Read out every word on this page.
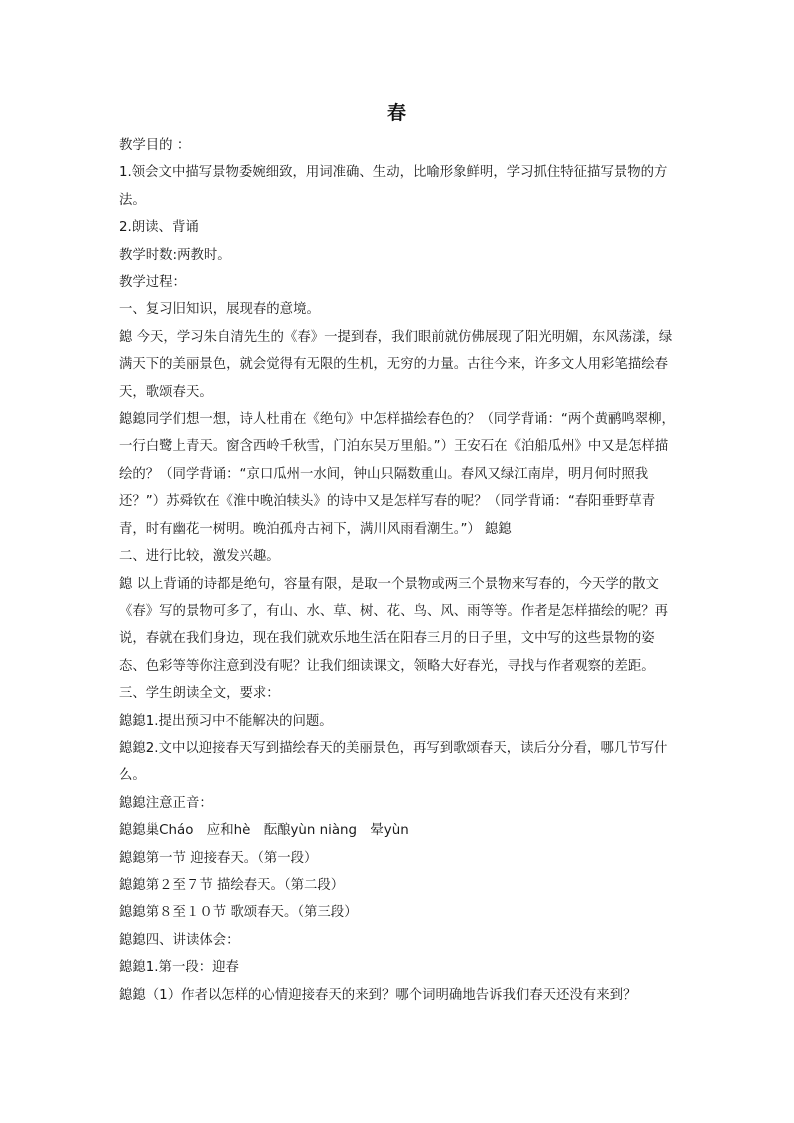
春

教学目的 ：

1.领会文中描写景物委婉细致，用词准确、生动，比喻形象鲜明，学习抓住特征描写景物的方法。

2.朗读、背诵

教学时数:两教时。

教学过程：

一、复习旧知识，展现春的意境。

鎴 今天，学习朱自清先生的《春》一提到春，我们眼前就仿佛展现了阳光明媚，东风荡漾，绿满天下的美丽景色，就会觉得有无限的生机，无穷的力量。古往今来，许多文人用彩笔描绘春天，歌颂春天。

鎴鎴同学们想一想，诗人杜甫在《绝句》中怎样描绘春色的？（同学背诵：“两个黄鹂鸣翠柳，一行白鹭上青天。窗含西岭千秋雪，门泊东吴万里船。”）王安石在《泊船瓜州》中又是怎样描绘的？（同学背诵：“京口瓜州一水间，钟山只隔数重山。春风又绿江南岸，明月何时照我还？”）苏舜钦在《淮中晚泊犊头》的诗中又是怎样写春的呢？（同学背诵：“春阳垂野草青青，时有幽花一树明。晚泊孤舟古祠下，满川风雨看潮生。”） 鎴鎴

二、进行比较，激发兴趣。

鎴 以上背诵的诗都是绝句，容量有限，是取一个景物或两三个景物来写春的，今天学的散文《春》写的景物可多了，有山、水、草、树、花、鸟、风、雨等等。作者是怎样描绘的呢？再说，春就在我们身边，现在我们就欢乐地生活在阳春三月的日子里，文中写的这些景物的姿态、色彩等等你注意到没有呢？让我们细读课文，领略大好春光，寻找与作者观察的差距。

三、学生朗读全文，要求：

鎴鎴1.提出预习中不能解决的问题。

鎴鎴2.文中以迎接春天写到描绘春天的美丽景色，再写到歌颂春天，读后分分看，哪几节写什么。

鎴鎴注意正音：

鎴鎴巢Cháo　应和hè　酝酿yùn niàng　晕yùn

鎴鎴第一节 迎接春天。（第一段）

鎴鎴第２至７节 描绘春天。（第二段）

鎴鎴第８至１０节 歌颂春天。（第三段）

鎴鎴四、讲读体会：

鎴鎴1.第一段：迎春

鎴鎴（1）作者以怎样的心情迎接春天的来到？哪个词明确地告诉我们春天还没有来到？
